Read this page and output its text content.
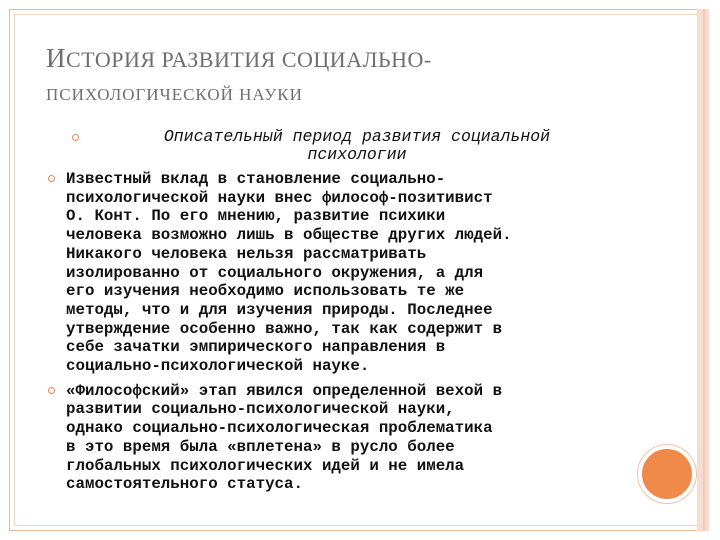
ИСТОРИЯ РАЗВИТИЯ СОЦИАЛЬНО-
ПСИХОЛОГИЧЕСКОЙ НАУКИ
Описательный период развития социальной
психологии
Известный вклад в становление социально-
психологической науки внес философ-позитивист
О. Конт. По его мнению, развитие психики
человека возможно лишь в обществе других людей.
Никакого человека нельзя рассматривать
изолированно от социального окружения, а для
его изучения необходимо использовать те же
методы, что и для изучения природы. Последнее
утверждение особенно важно, так как содержит в
себе зачатки эмпирического направления в
социально-психологической науке.
«Философский» этап явился определенной вехой в
развитии социально-психологической науки,
однако социально-психологическая проблематика
в это время была «вплетена» в русло более
глобальных психологических идей и не имела
самостоятельного статуса.
